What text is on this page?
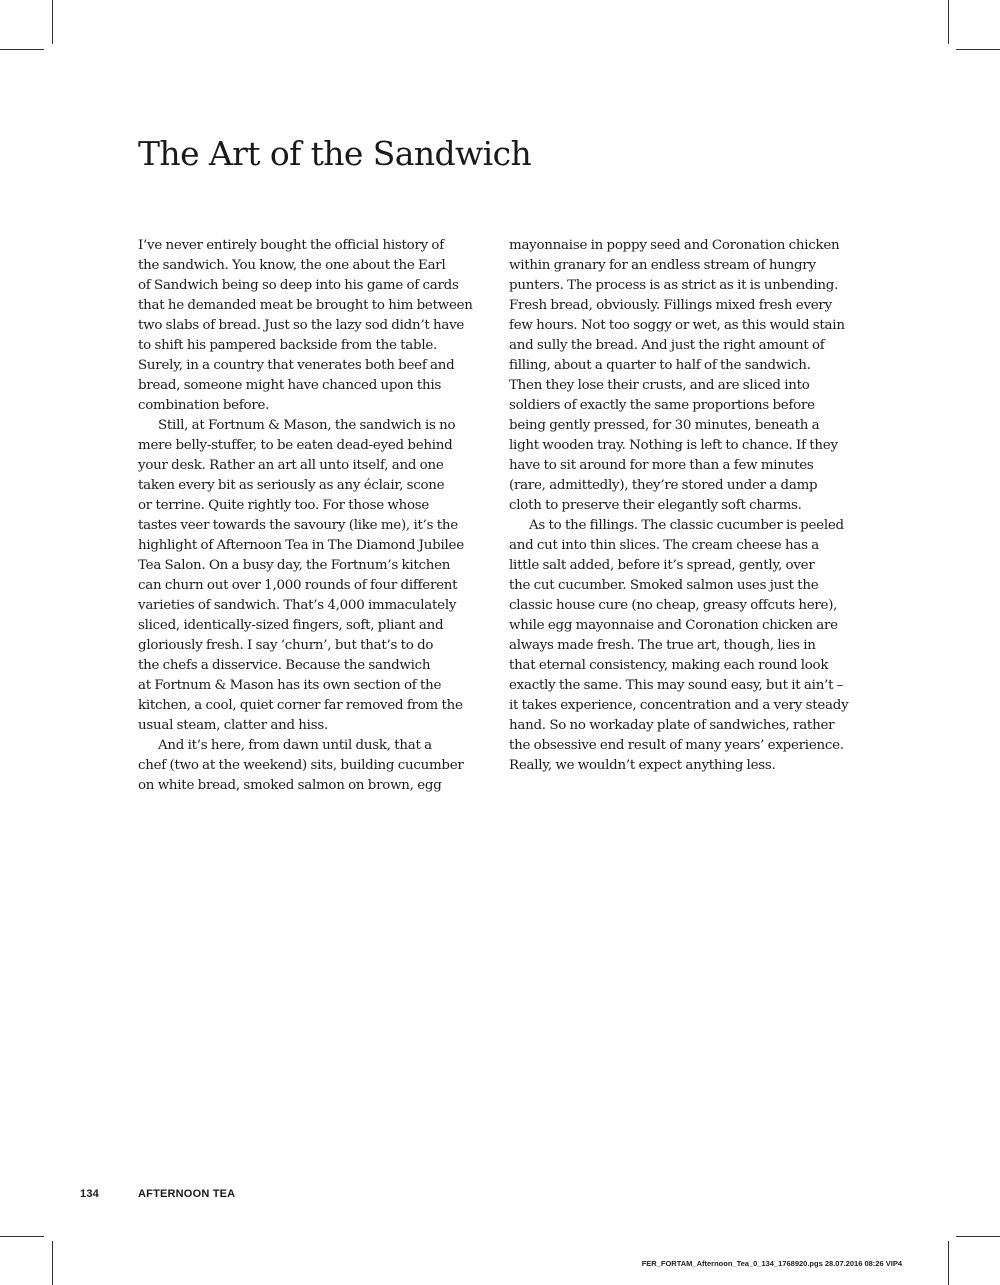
The Art of the Sandwich
I’ve never entirely bought the official history of
the sandwich. You know, the one about the Earl
of Sandwich being so deep into his game of cards
that he demanded meat be brought to him between
two slabs of bread. Just so the lazy sod didn’t have
to shift his pampered backside from the table.
Surely, in a country that venerates both beef and
bread, someone might have chanced upon this
combination before.
Still, at Fortnum & Mason, the sandwich is no
mere belly-stuffer, to be eaten dead-eyed behind
your desk. Rather an art all unto itself, and one
taken every bit as seriously as any éclair, scone
or terrine. Quite rightly too. For those whose
tastes veer towards the savoury (like me), it’s the
highlight of Afternoon Tea in The Diamond Jubilee
Tea Salon. On a busy day, the Fortnum’s kitchen
can churn out over 1,000 rounds of four different
varieties of sandwich. That’s 4,000 immaculately
sliced, identically-sized fingers, soft, pliant and
gloriously fresh. I say ‘churn’, but that’s to do
the chefs a disservice. Because the sandwich
at Fortnum & Mason has its own section of the
kitchen, a cool, quiet corner far removed from the
usual steam, clatter and hiss.
And it’s here, from dawn until dusk, that a
chef (two at the weekend) sits, building cucumber
on white bread, smoked salmon on brown, egg
mayonnaise in poppy seed and Coronation chicken
within granary for an endless stream of hungry
punters. The process is as strict as it is unbending.
Fresh bread, obviously. Fillings mixed fresh every
few hours. Not too soggy or wet, as this would stain
and sully the bread. And just the right amount of
filling, about a quarter to half of the sandwich.
Then they lose their crusts, and are sliced into
soldiers of exactly the same proportions before
being gently pressed, for 30 minutes, beneath a
light wooden tray. Nothing is left to chance. If they
have to sit around for more than a few minutes
(rare, admittedly), they’re stored under a damp
cloth to preserve their elegantly soft charms.
As to the fillings. The classic cucumber is peeled
and cut into thin slices. The cream cheese has a
little salt added, before it’s spread, gently, over
the cut cucumber. Smoked salmon uses just the
classic house cure (no cheap, greasy offcuts here),
while egg mayonnaise and Coronation chicken are
always made fresh. The true art, though, lies in
that eternal consistency, making each round look
exactly the same. This may sound easy, but it ain’t –
it takes experience, concentration and a very steady
hand. So no workaday plate of sandwiches, rather
the obsessive end result of many years’ experience.
Really, we wouldn’t expect anything less.
134	AFTERNOON TEA
FER_FORTAM_Afternoon_Tea_0_134_1768920.pgs 28.07.2016 08:26 VIP4
